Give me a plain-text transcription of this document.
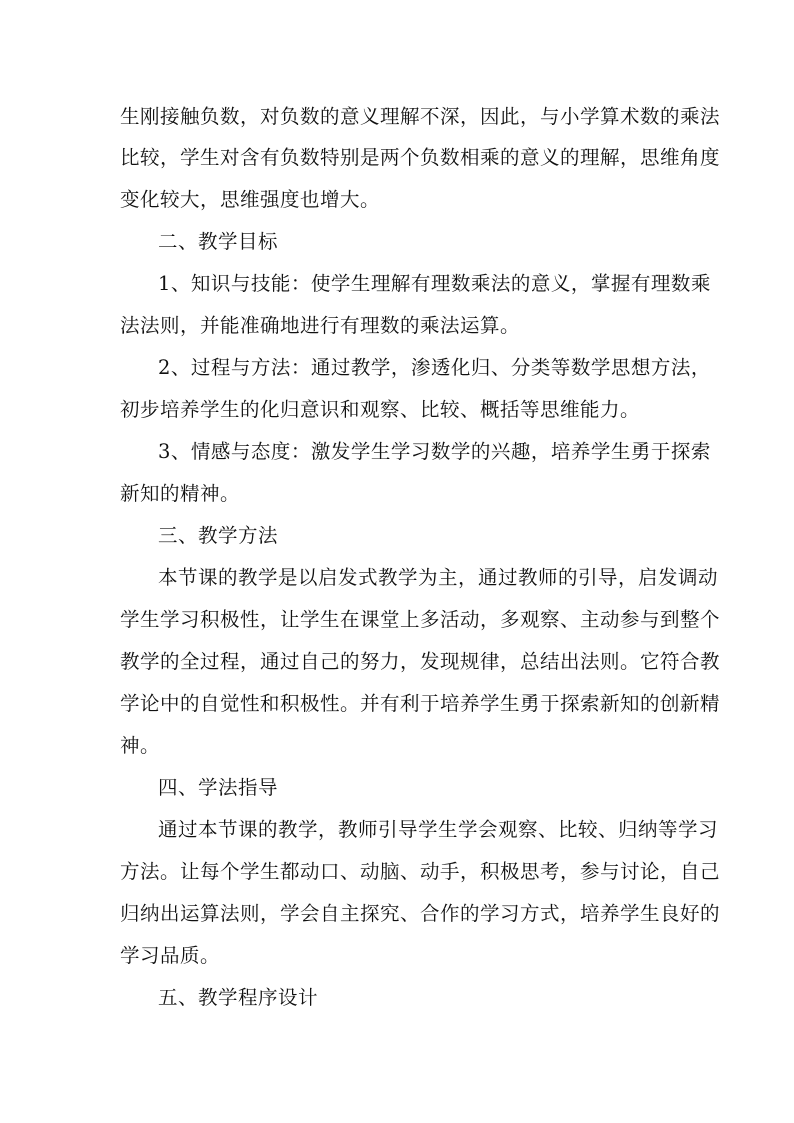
生刚接触负数，对负数的意义理解不深，因此，与小学算术数的乘法
比较，学生对含有负数特别是两个负数相乘的意义的理解，思维角度
变化较大，思维强度也增大。
二、教学目标
1、知识与技能：使学生理解有理数乘法的意义，掌握有理数乘
法法则，并能准确地进行有理数的乘法运算。
2、过程与方法：通过教学，渗透化归、分类等数学思想方法，
初步培养学生的化归意识和观察、比较、概括等思维能力。
3、情感与态度：激发学生学习数学的兴趣，培养学生勇于探索
新知的精神。
三、教学方法
本节课的教学是以启发式教学为主，通过教师的引导，启发调动
学生学习积极性，让学生在课堂上多活动，多观察、主动参与到整个
教学的全过程，通过自己的努力，发现规律，总结出法则。它符合教
学论中的自觉性和积极性。并有利于培养学生勇于探索新知的创新精
神。
四、学法指导
通过本节课的教学，教师引导学生学会观察、比较、归纳等学习
方法。让每个学生都动口、动脑、动手，积极思考，参与讨论，自己
归纳出运算法则，学会自主探究、合作的学习方式，培养学生良好的
学习品质。
五、教学程序设计
